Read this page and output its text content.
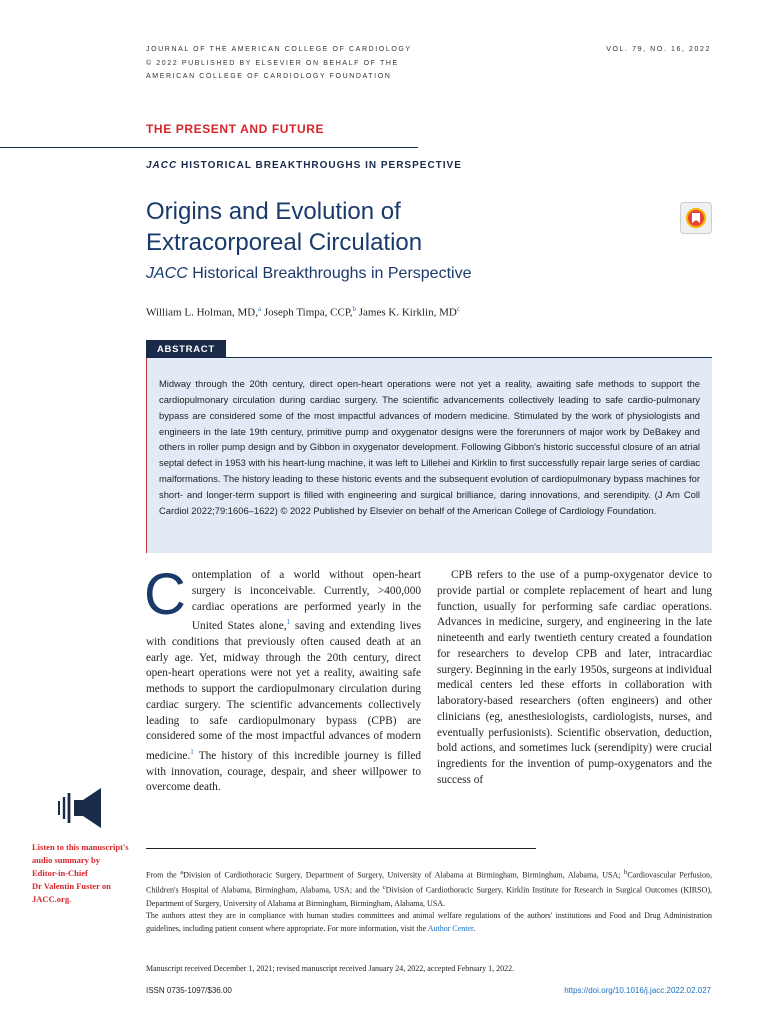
JOURNAL OF THE AMERICAN COLLEGE OF CARDIOLOGY
© 2022 PUBLISHED BY ELSEVIER ON BEHALF OF THE
AMERICAN COLLEGE OF CARDIOLOGY FOUNDATION
VOL. 79, NO. 16, 2022
THE PRESENT AND FUTURE
JACC HISTORICAL BREAKTHROUGHS IN PERSPECTIVE
Origins and Evolution of
Extracorporeal Circulation
JACC Historical Breakthroughs in Perspective
William L. Holman, MD,$^a$ Joseph Timpa, CCP,$^b$ James K. Kirklin, $MD^c$
ABSTRACT
Midway through the 20th century, direct open-heart operations were not yet a reality, awaiting safe methods to support the cardiopulmonary circulation during cardiac surgery. The scientific advancements collectively leading to safe cardio-pulmonary bypass are considered some of the most impactful advances of modern medicine. Stimulated by the work of physiologists and engineers in the late 19th century, primitive pump and oxygenator designs were the forerunners of major work by DeBakey and others in roller pump design and by Gibbon in oxygenator development. Following Gibbon's historic successful closure of an atrial septal defect in 1953 with his heart-lung machine, it was left to Lillehei and Kirklin to first successfully repair large series of cardiac malformations. The history leading to these historic events and the subsequent evolution of cardiopulmonary bypass machines for short- and longer-term support is filled with engineering and surgical brilliance, daring innovations, and serendipity. (J Am Coll Cardiol 2022;79:1606–1622) © 2022 Published by Elsevier on behalf of the American College of Cardiology Foundation.
Contemplation of a world without open-heart surgery is inconceivable. Currently, >400,000 cardiac operations are performed yearly in the United States alone,$^1$ saving and extending lives with conditions that previously often caused death at an early age. Yet, midway through the 20th century, direct open-heart operations were not yet a reality, awaiting safe methods to support the cardiopulmonary circulation during cardiac surgery. The scientific advancements collectively leading to safe cardiopulmonary bypass (CPB) are considered some of the most impactful advances of modern medicine.$^1$ The history of this incredible journey is filled with innovation, courage, despair, and sheer willpower to overcome death.
CPB refers to the use of a pump-oxygenator device to provide partial or complete replacement of heart and lung function, usually for performing safe cardiac operations. Advances in medicine, surgery, and engineering in the late nineteenth and early twentieth century created a foundation for researchers to develop CPB and later, intracardiac surgery. Beginning in the early 1950s, surgeons at individual medical centers led these efforts in collaboration with laboratory-based researchers (often engineers) and other clinicians (eg, anesthesiologists, cardiologists, nurses, and eventually perfusionists). Scientific observation, deduction, bold actions, and sometimes luck (serendipity) were crucial ingredients for the invention of pump-oxygenators and the success of
Listen to this manuscript's
audio summary by
Editor-in-Chief
Dr Valentin Fuster on
JACC.org.

From the $^a$Division of Cardiothoracic Surgery, Department of Surgery, University of Alabama at Birmingham, Birmingham, Alabama, USA; $^b$Cardiovascular Perfusion, Children's Hospital of Alabama, Birmingham, Alabama, USA; and the $^c$Division of Cardiothoracic Surgery, Kirklin Institute for Research in Surgical Outcomes (KIRSO), Department of Surgery, University of Alabama at Birmingham, Birmingham, Alabama, USA.

The authors attest they are in compliance with human studies committees and animal welfare regulations of the authors' institutions and Food and Drug Administration guidelines, including patient consent where appropriate. For more information, visit the Author Center.

Manuscript received December 1, 2021; revised manuscript received January 24, 2022, accepted February 1, 2022.
ISSN 0735-1097/$36.00	https://doi.org/10.1016/j.jacc.2022.02.027
